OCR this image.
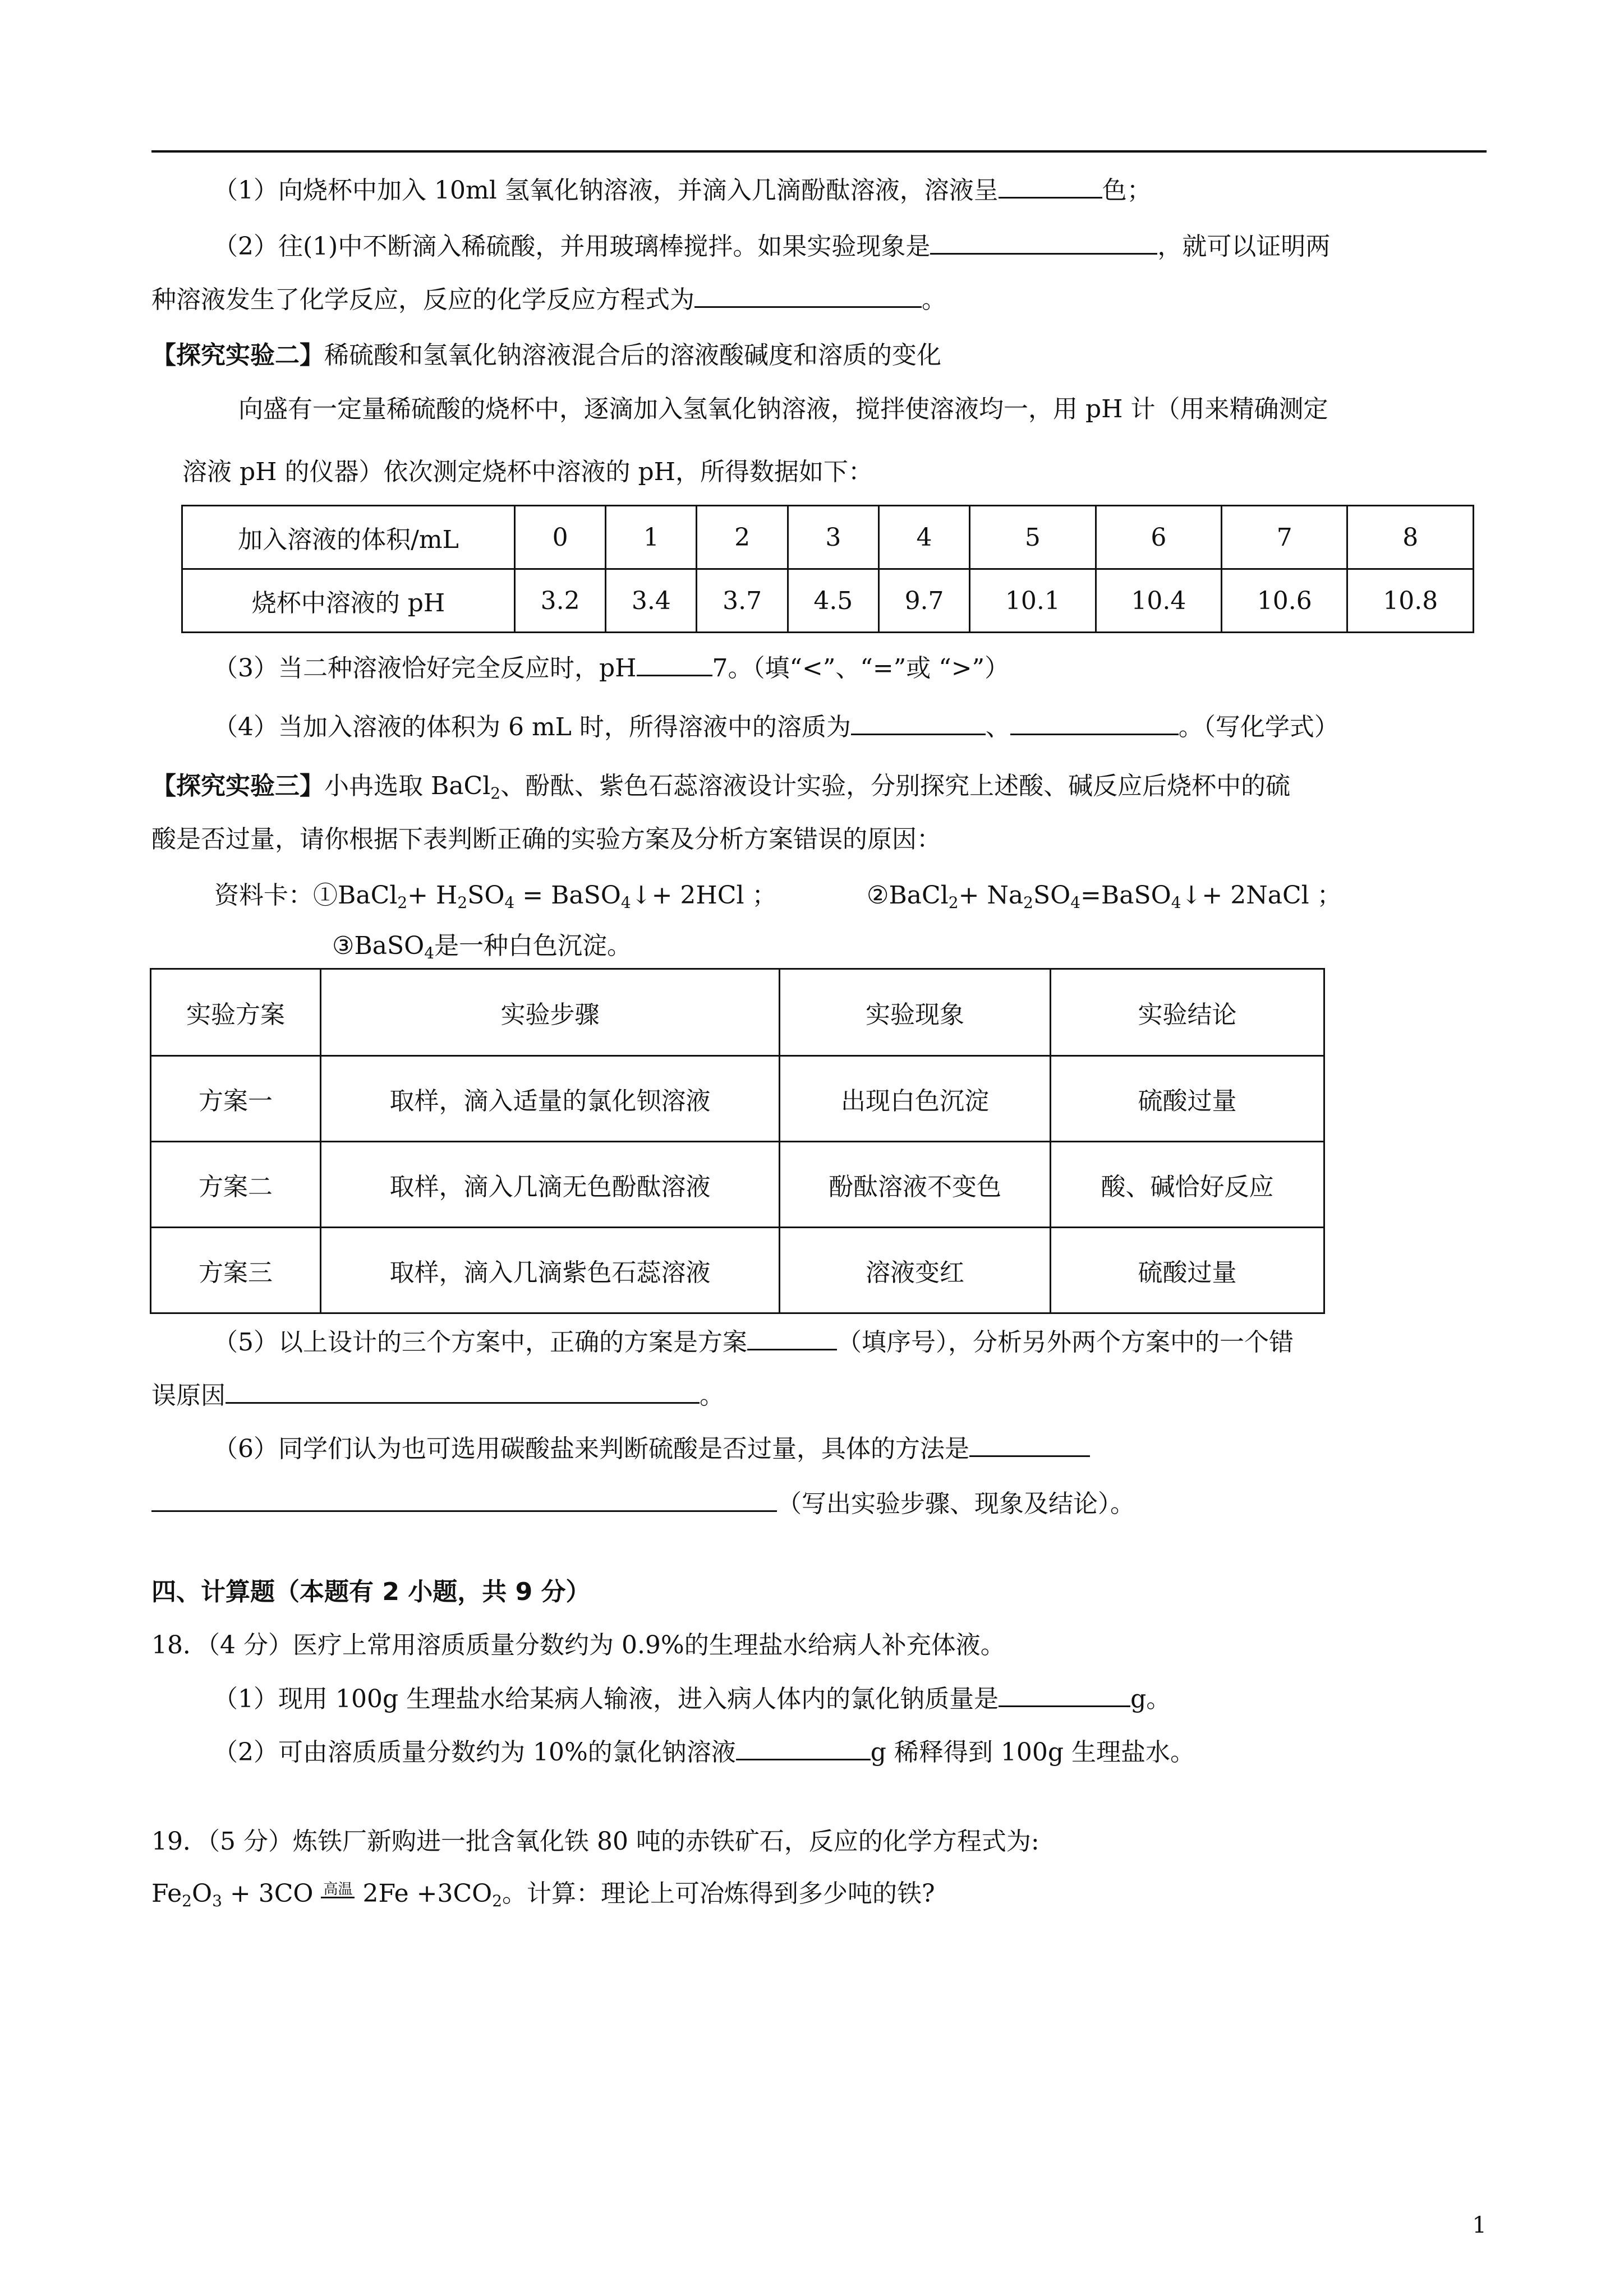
（1）向烧杯中加入 10ml 氢氧化钠溶液，并滴入几滴酚酞溶液，溶液呈	色；
（2）往(1)中不断滴入稀硫酸，并用玻璃棒搅拌。如果实验现象是	，就可以证明两
种溶液发生了化学反应，反应的化学反应方程式为	。
【探究实验二】稀硫酸和氢氧化钠溶液混合后的溶液酸碱度和溶质的变化
向盛有一定量稀硫酸的烧杯中，逐滴加入氢氧化钠溶液，搅拌使溶液均一，用 pH 计（用来精确测定
溶液 pH 的仪器）依次测定烧杯中溶液的 pH，所得数据如下：
加入溶液的体积/mL	0	1	2	3	4	5	6	7	8
烧杯中溶液的 pH	3.2	3.4	3.7	4.5	9.7	10.1	10.4	10.6	10.8
（3）当二种溶液恰好完全反应时，pH	7。（填“<”、“=”或 “>”）
（4）当加入溶液的体积为 6 mL 时，所得溶液中的溶质为	、	。（写化学式）
【探究实验三】小冉选取 BaCl$_2$、酚酞、紫色石蕊溶液设计实验，分别探究上述酸、碱反应后烧杯中的硫
酸是否过量，请你根据下表判断正确的实验方案及分析方案错误的原因：
资料卡：①BaCl$_2$+ $H_2SO_4$ = BaSO$_4$↓+ 2HCl ；	②BaCl$_2$+ $Na_2SO_4=BaSO_4↓+$ 2NaCl ；
③BaSO$_4$是一种白色沉淀。
实验方案	实验步骤	实验现象	实验结论
方案一	取样，滴入适量的氯化钡溶液	出现白色沉淀	硫酸过量
方案二	取样，滴入几滴无色酚酞溶液	酚酞溶液不变色	酸、碱恰好反应
方案三	取样，滴入几滴紫色石蕊溶液	溶液变红	硫酸过量
（5）以上设计的三个方案中，正确的方案是方案	（填序号），分析另外两个方案中的一个错
误原因	。
（6）同学们认为也可选用碳酸盐来判断硫酸是否过量，具体的方法是
（写出实验步骤、现象及结论）。
四、计算题（本题有 2 小题，共 9 分）
18．（4 分）医疗上常用溶质质量分数约为 0.9%的生理盐水给病人补充体液。
（1）现用 100g 生理盐水给某病人输液，进入病人体内的氯化钠质量是	g。
（2）可由溶质质量分数约为 10%的氯化钠溶液	g 稀释得到 100g 生理盐水。
19．（5 分）炼铁厂新购进一批含氧化铁 80 吨的赤铁矿石，反应的化学方程式为:
$Fe_2O_3 + 3CO$ 高温 $2Fe +3CO_2$。计算：理论上可冶炼得到多少吨的铁?
1
